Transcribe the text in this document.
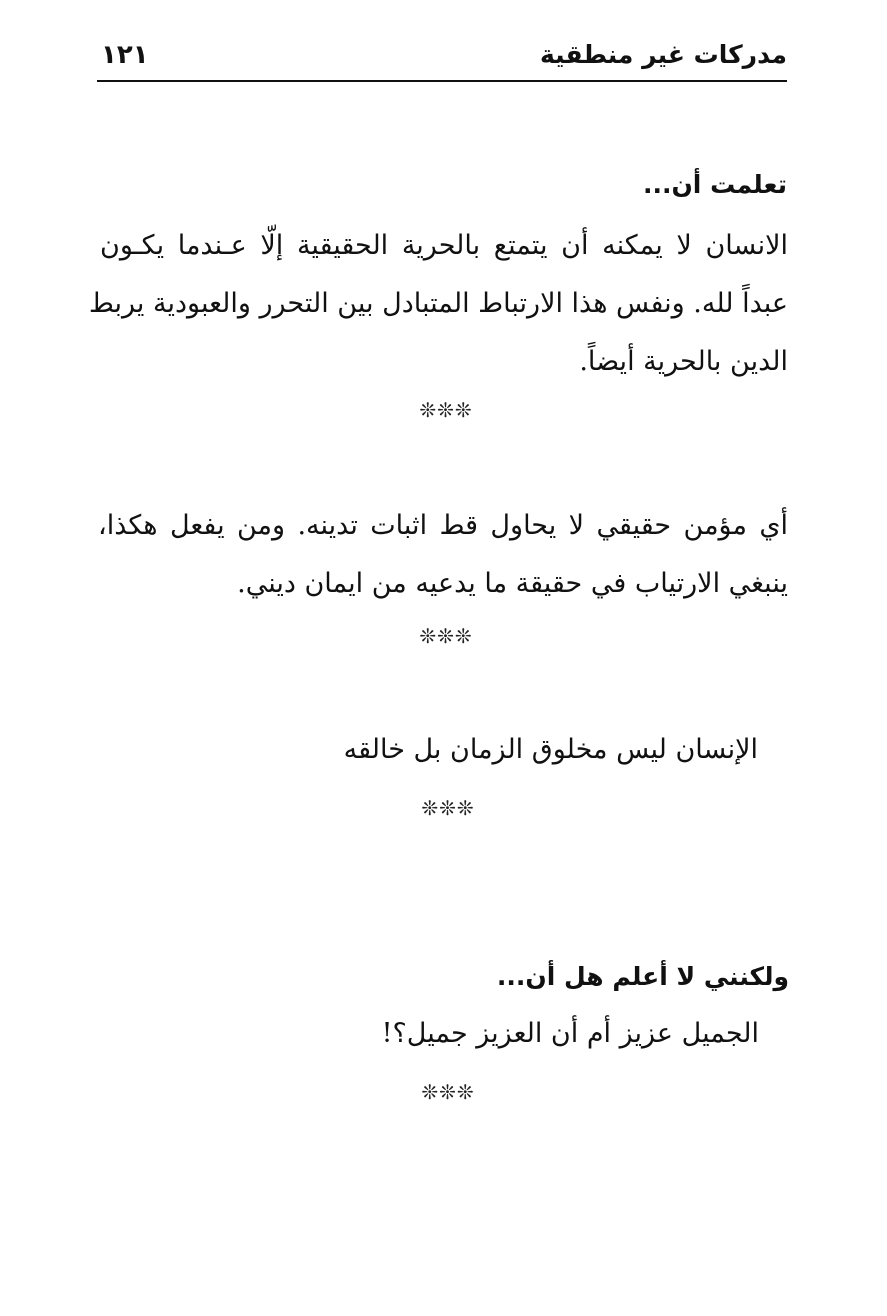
مدركات غير منطقية
١٢١
تعلمت أن...
الانسان لا يمكنه أن يتمتع بالحرية الحقيقية إلّا عـندما يكـون
عبداً لله. ونفس هذا الارتباط المتبادل بين التحرر والعبودية يربط
الدين بالحرية أيضاً.
❊❊❊
أي مؤمن حقيقي لا يحاول قط اثبات تدينه. ومن يفعل هكذا،
ينبغي الارتياب في حقيقة ما يدعيه من ايمان ديني.
❊❊❊
الإنسان ليس مخلوق الزمان بل خالقه
❊❊❊
ولكنني لا أعلم هل أن...
الجميل عزيز أم أن العزيز جميل؟!
❊❊❊
